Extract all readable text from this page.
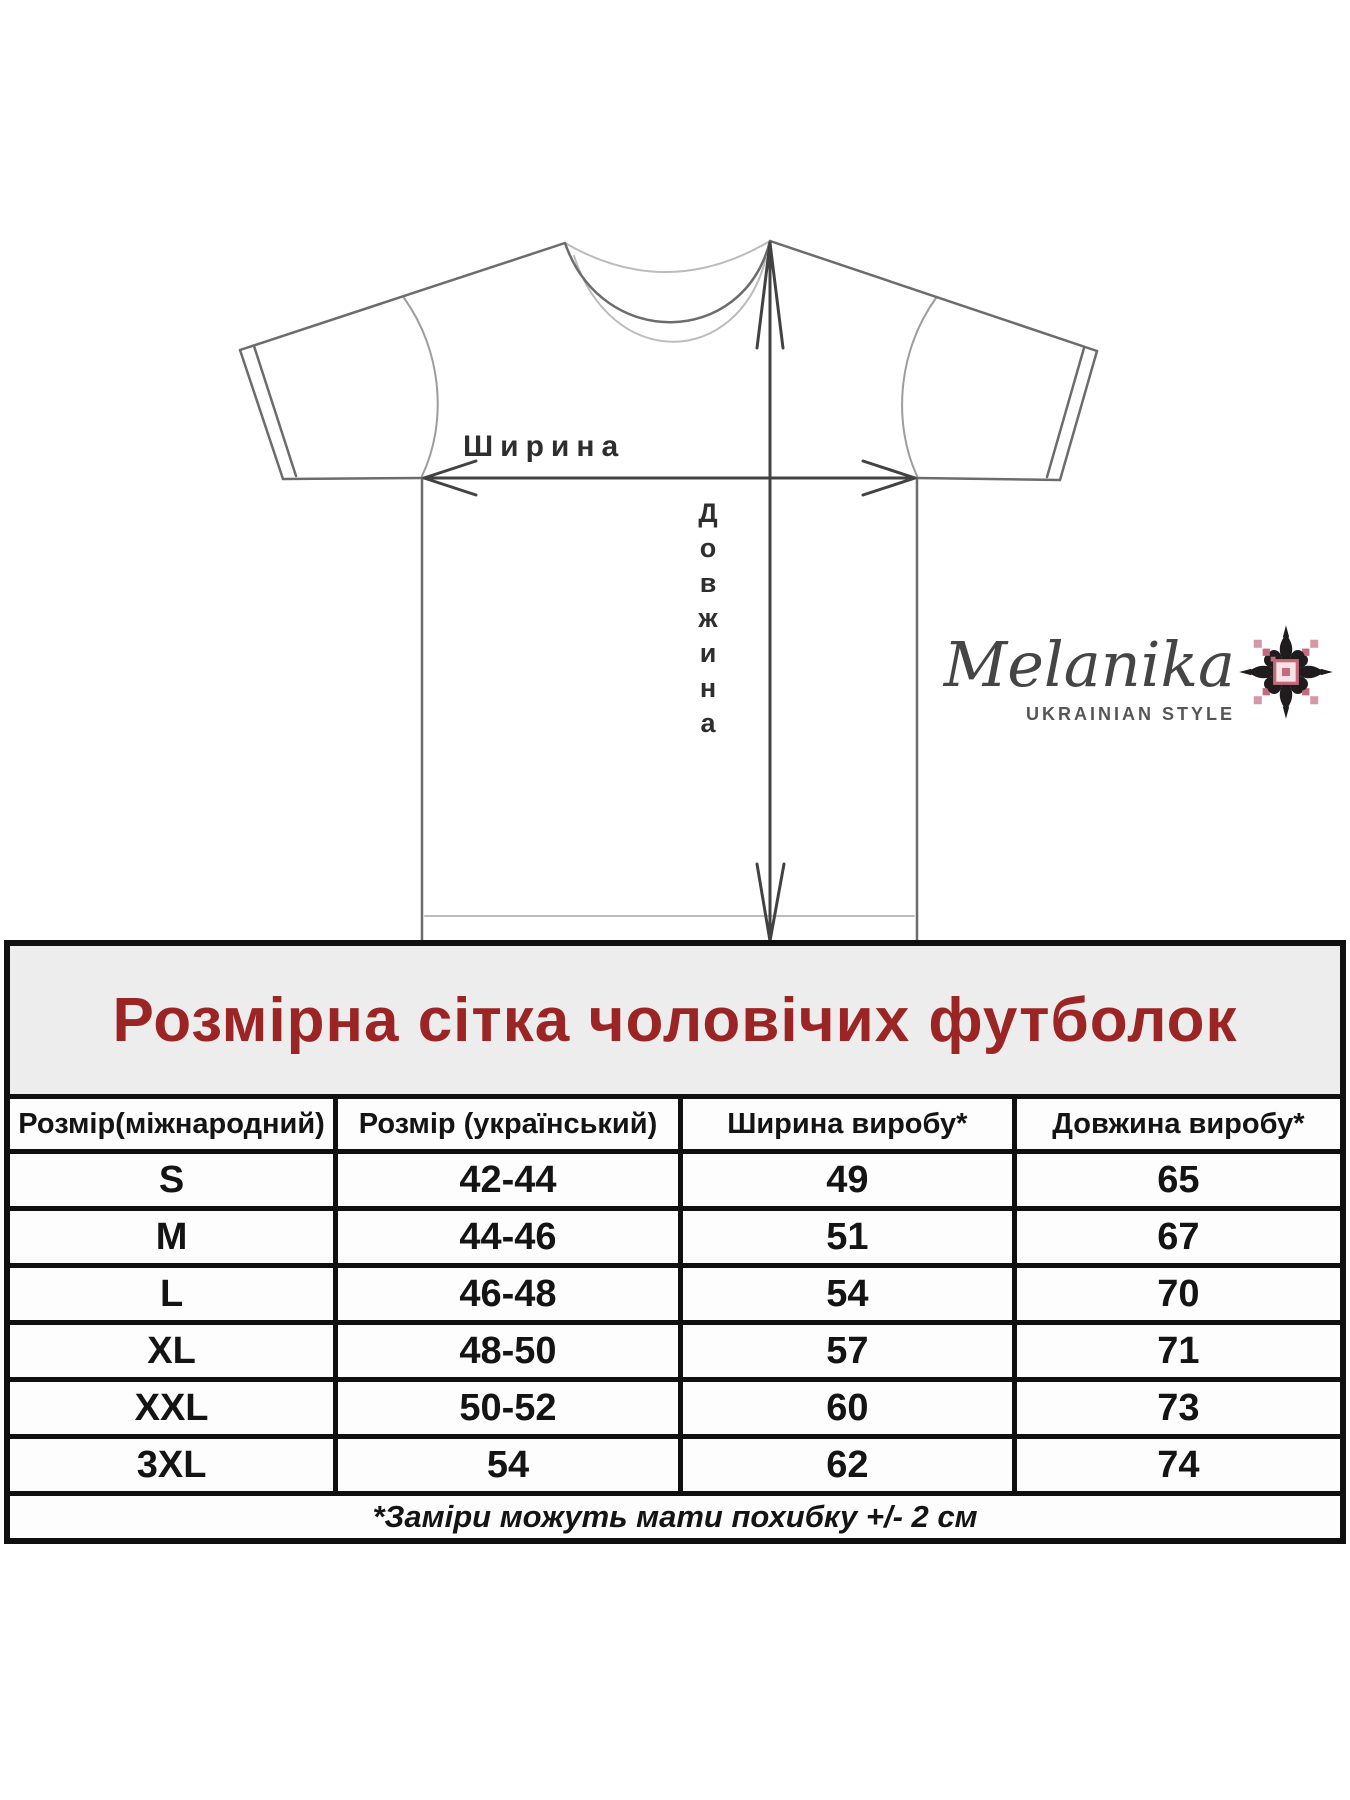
Ширина
Довжина	Melanika
UKRAINIAN STYLE
Розмірна сітка чоловічих футболок			
Розмір(міжнародний)	Розмір (український)	Ширина виробу*	Довжина виробу*
S	42-44	49	65
M	44-46	51	67
L	46-48	54	70
XL	48-50	57	71
XXL	50-52	60	73
3XL	54	62	74
*Заміри можуть мати похибку +/- 2 см			
